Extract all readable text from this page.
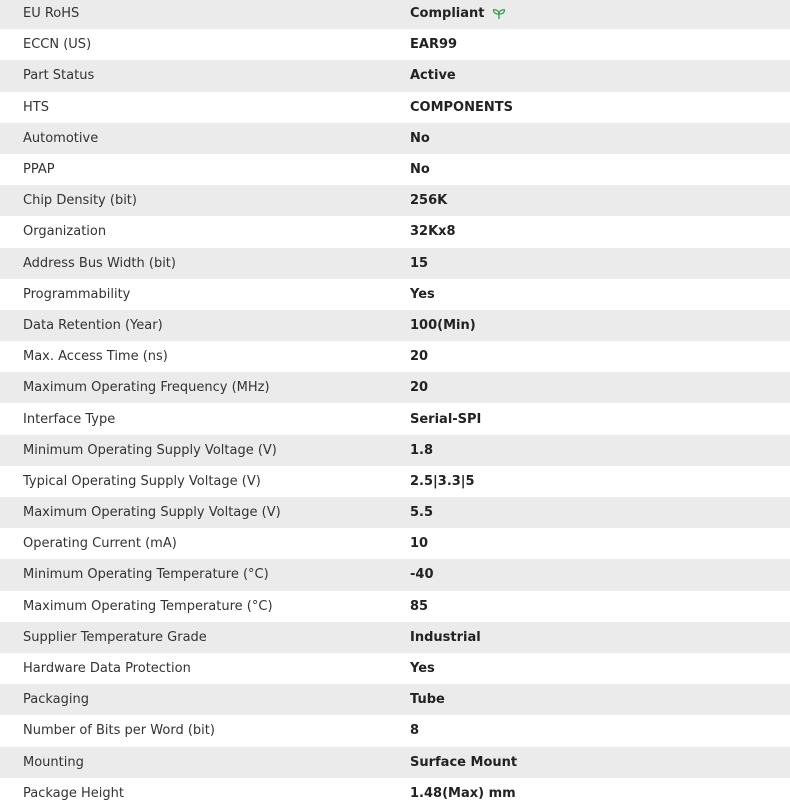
EU RoHS	Compliant
ECCN (US)	EAR99
Part Status	Active
HTS	COMPONENTS
Automotive	No
PPAP	No
Chip Density (bit)	256K
Organization	32Kx8
Address Bus Width (bit)	15
Programmability	Yes
Data Retention (Year)	100(Min)
Max. Access Time (ns)	20
Maximum Operating Frequency (MHz)	20
Interface Type	Serial-SPI
Minimum Operating Supply Voltage (V)	1.8
Typical Operating Supply Voltage (V)	2.5|3.3|5
Maximum Operating Supply Voltage (V)	5.5
Operating Current (mA)	10
Minimum Operating Temperature (°C)	-40
Maximum Operating Temperature (°C)	85
Supplier Temperature Grade	Industrial
Hardware Data Protection	Yes
Packaging	Tube
Number of Bits per Word (bit)	8
Mounting	Surface Mount
Package Height	1.48(Max) mm
